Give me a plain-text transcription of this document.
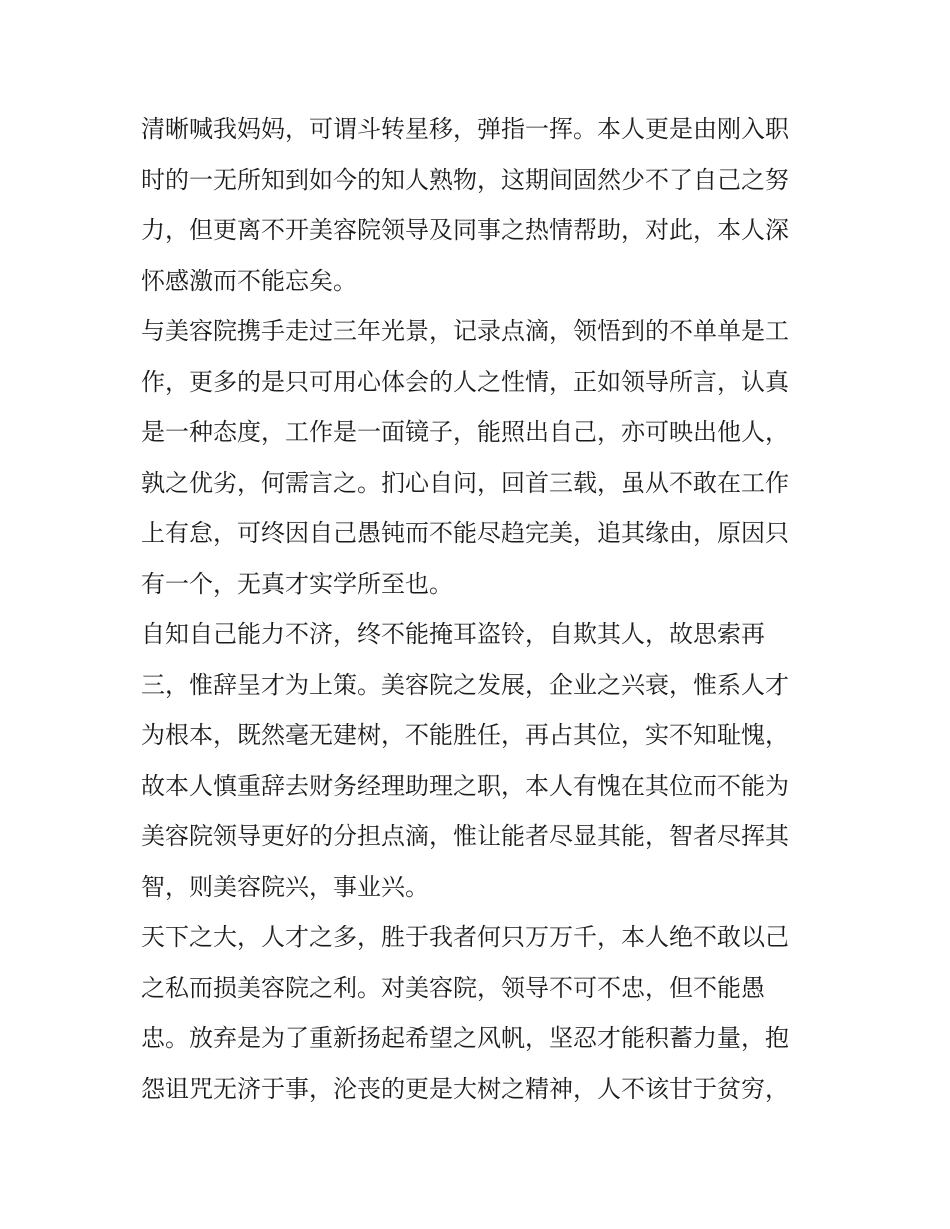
清晰喊我妈妈，可谓斗转星移，弹指一挥。本人更是由刚入职
时的一无所知到如今的知人熟物，这期间固然少不了自己之努
力，但更离不开美容院领导及同事之热情帮助，对此，本人深
怀感激而不能忘矣。
与美容院携手走过三年光景，记录点滴，领悟到的不单单是工
作，更多的是只可用心体会的人之性情，正如领导所言，认真
是一种态度，工作是一面镜子，能照出自己，亦可映出他人，
孰之优劣，何需言之。扪心自问，回首三载，虽从不敢在工作
上有怠，可终因自己愚钝而不能尽趋完美，追其缘由，原因只
有一个，无真才实学所至也。
自知自己能力不济，终不能掩耳盗铃，自欺其人，故思索再
三，惟辞呈才为上策。美容院之发展，企业之兴衰，惟系人才
为根本，既然毫无建树，不能胜任，再占其位，实不知耻愧，
故本人慎重辞去财务经理助理之职，本人有愧在其位而不能为
美容院领导更好的分担点滴，惟让能者尽显其能，智者尽挥其
智，则美容院兴，事业兴。
天下之大，人才之多，胜于我者何只万万千，本人绝不敢以己
之私而损美容院之利。对美容院，领导不可不忠，但不能愚
忠。放弃是为了重新扬起希望之风帆，坚忍才能积蓄力量，抱
怨诅咒无济于事，沦丧的更是大树之精神，人不该甘于贫穷，
